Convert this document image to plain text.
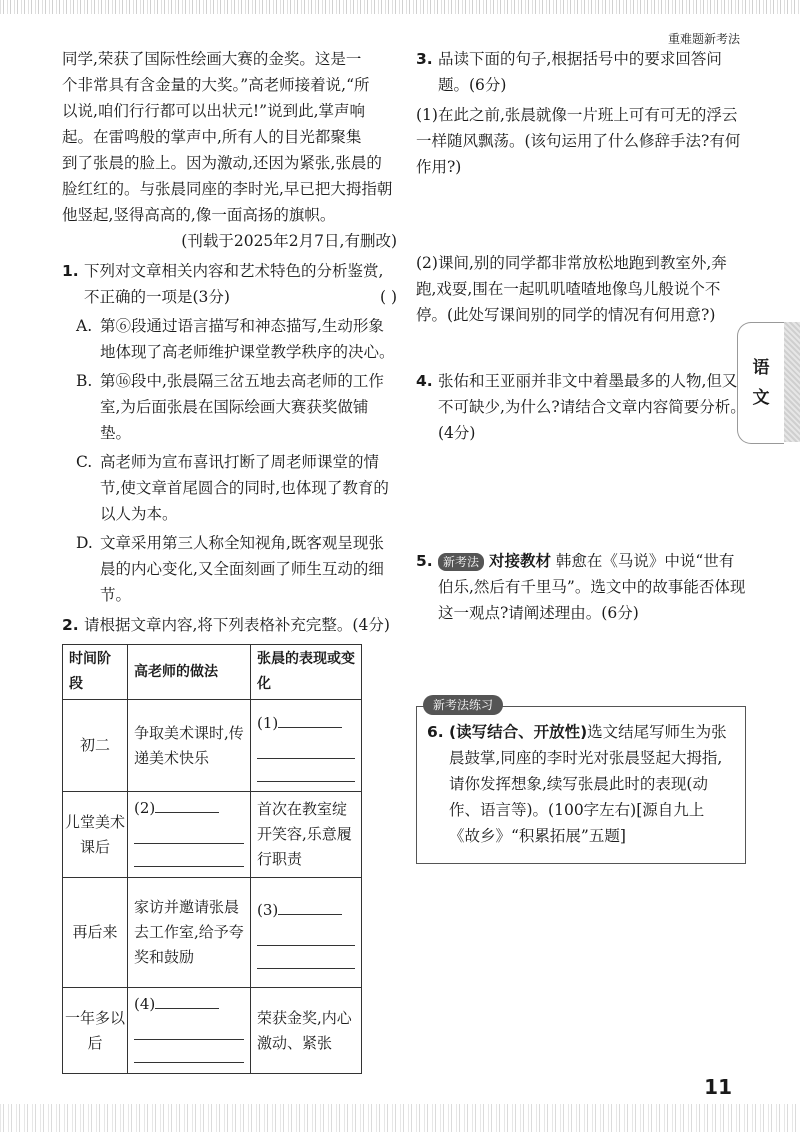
重难题新考法
语
文

同学,荣获了国际性绘画大赛的金奖。这是一

个非常具有含金量的大奖。”高老师接着说,“所

以说,咱们行行都可以出状元!”说到此,掌声响

起。在雷鸣般的掌声中,所有人的目光都聚集

到了张晨的脸上。因为激动,还因为紧张,张晨的

脸红红的。与张晨同座的李时光,早已把大拇指朝

他竖起,竖得高高的,像一面高扬的旗帜。

(刊载于2025年2月7日,有删改)

1. 下列对文章相关内容和艺术特色的分析鉴赏,不正确的一项是(3分)	( )
A. 第⑥段通过语言描写和神态描写,生动形象地体现了高老师维护课堂教学秩序的决心。
B. 第⑯段中,张晨隔三岔五地去高老师的工作室,为后面张晨在国际绘画大赛获奖做铺垫。
C. 高老师为宣布喜讯打断了周老师课堂的情节,使文章首尾圆合的同时,也体现了教育的以人为本。
D. 文章采用第三人称全知视角,既客观呈现张晨的内心变化,又全面刻画了师生互动的细节。
2. 请根据文章内容,将下列表格补充完整。(4分)
时间阶段	高老师的做法	张晨的表现或变化
初二	争取美术课时,传递美术快乐	(1)

儿堂美术课后	(2)	首次在教室绽开笑容,乐意履行职责
再后来	家访并邀请张晨去工作室,给予夸奖和鼓励	(3)

一年多以后	(4)	荣获金奖,内心激动、紧张
3. 品读下面的句子,根据括号中的要求回答问题。(6分)

(1)在此之前,张晨就像一片班上可有可无的浮云一样随风飘荡。(该句运用了什么修辞手法?有何作用?)

(2)课间,别的同学都非常放松地跑到教室外,奔跑,戏耍,围在一起叽叽喳喳地像鸟儿般说个不停。(此处写课间别的同学的情况有何用意?)

4. 张佑和王亚丽并非文中着墨最多的人物,但又不可缺少,为什么?请结合文章内容简要分析。(4分)
5. 新考法 对接教材 韩愈在《马说》中说“世有伯乐,然后有千里马”。选文中的故事能否体现这一观点?请阐述理由。(6分)
新考法练习
6. (读写结合、开放性)选文结尾写师生为张晨鼓掌,同座的李时光对张晨竖起大拇指,请你发挥想象,续写张晨此时的表现(动作、语言等)。(100字左右)[源自九上《故乡》“积累拓展”五题]
11
